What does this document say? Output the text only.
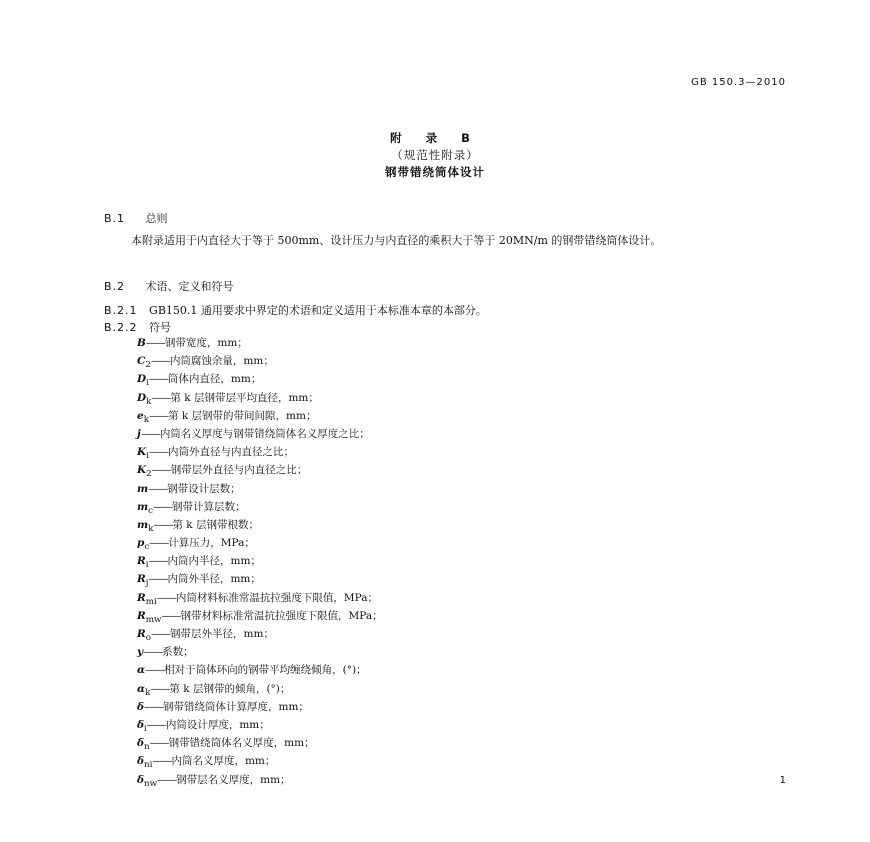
GB 150.3—2010
附 录 B
（规范性附录）
钢带错绕筒体设计
B.1 总则
本附录适用于内直径大于等于 500mm、设计压力与内直径的乘积大于等于 20MN/m 的钢带错绕筒体设计。
B.2 术语、定义和符号
B.2.1 GB150.1 通用要求中界定的术语和定义适用于本标准本章的本部分。
B.2.2 符号
B——钢带宽度，mm；
$C_2——$内筒腐蚀余量，mm；
$D_i——$筒体内直径，mm；
$D_k——$第 k 层钢带层平均直径，mm；
$e_k——$第 k 层钢带的带间间隙，mm；
j——内筒名义厚度与钢带错绕筒体名义厚度之比；
$K_i——$内筒外直径与内直径之比；
$K_2——$钢带层外直径与内直径之比；
m——钢带设计层数；
$m_c——$钢带计算层数；
$m_k——$第 k 层钢带根数；
$p_c——$计算压力，MPa；
$R_i——$内筒内半径，mm；
$R_j——$内筒外半径，mm；
$R_{mi}——$内筒材料标准常温抗拉强度下限值，MPa；
$R_{mw}——$钢带材料标准常温抗拉强度下限值，MPa；
$R_o——$钢带层外半径，mm；
y——系数；
α——相对于筒体环向的钢带平均缠绕倾角，(°)；
$\alpha_k——$第 k 层钢带的倾角，(°)；
δ——钢带错绕筒体计算厚度，mm；
$\delta_i——$内筒设计厚度，mm；
$\delta_n——$钢带错绕筒体名义厚度，mm；
$\delta_{ni}——$内筒名义厚度，mm；
$\delta_{nw}——$钢带层名义厚度，mm；	1
